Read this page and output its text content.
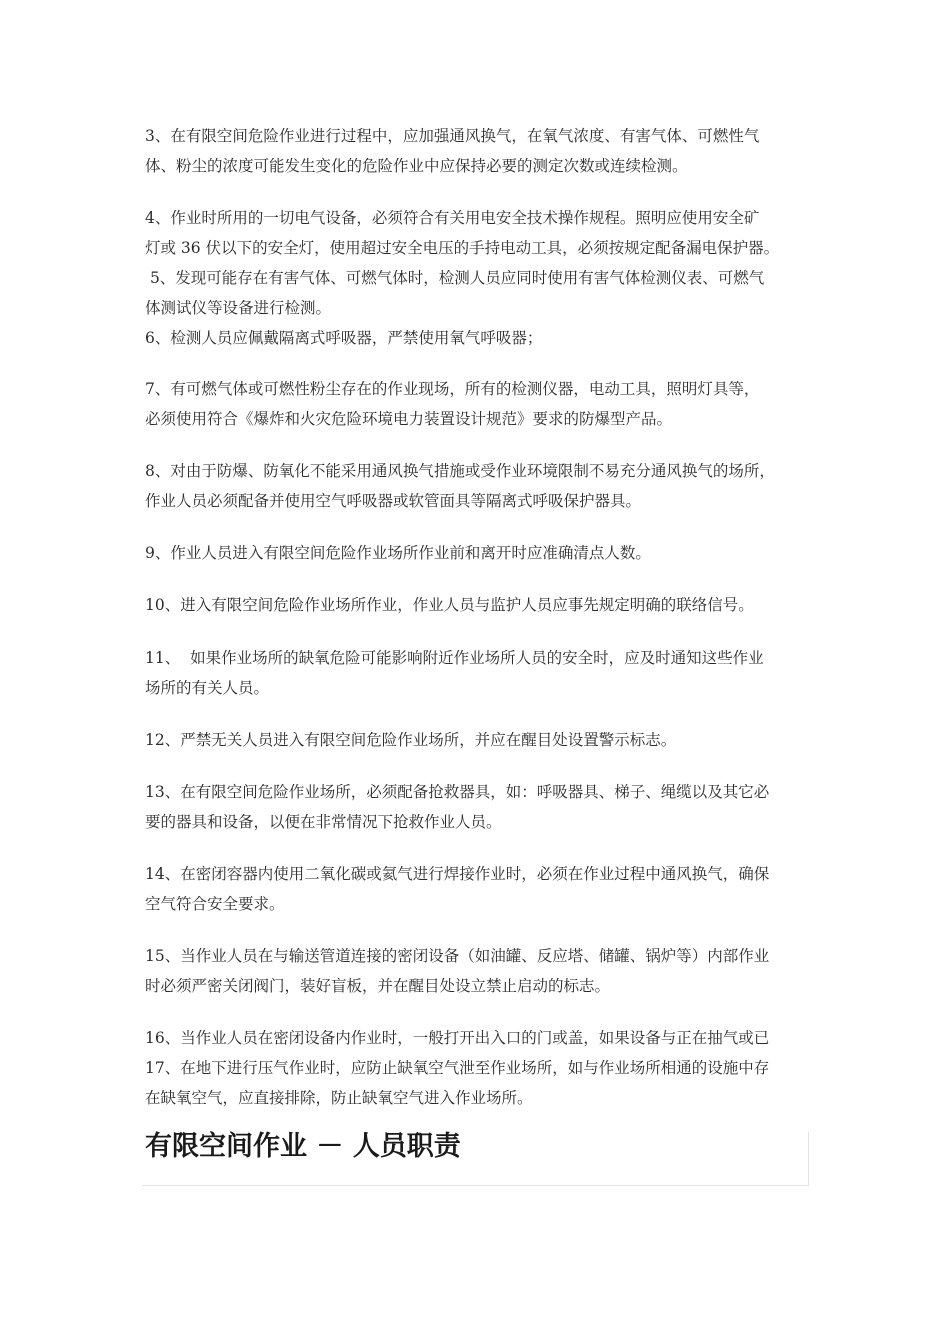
3、在有限空间危险作业进行过程中，应加强通风换气，在氧气浓度、有害气体、可燃性气
体、粉尘的浓度可能发生变化的危险作业中应保持必要的测定次数或连续检测。

4、作业时所用的一切电气设备，必须符合有关用电安全技术操作规程。照明应使用安全矿
灯或 36 伏以下的安全灯，使用超过安全电压的手持电动工具，必须按规定配备漏电保护器。

5、发现可能存在有害气体、可燃气体时，检测人员应同时使用有害气体检测仪表、可燃气
体测试仪等设备进行检测。

6、检测人员应佩戴隔离式呼吸器，严禁使用氧气呼吸器；

7、有可燃气体或可燃性粉尘存在的作业现场，所有的检测仪器，电动工具，照明灯具等，
必须使用符合《爆炸和火灾危险环境电力装置设计规范》要求的防爆型产品。

8、对由于防爆、防氧化不能采用通风换气措施或受作业环境限制不易充分通风换气的场所，
作业人员必须配备并使用空气呼吸器或软管面具等隔离式呼吸保护器具。

9、作业人员进入有限空间危险作业场所作业前和离开时应准确清点人数。

10、进入有限空间危险作业场所作业，作业人员与监护人员应事先规定明确的联络信号。

11、  如果作业场所的缺氧危险可能影响附近作业场所人员的安全时，应及时通知这些作业
场所的有关人员。

12、严禁无关人员进入有限空间危险作业场所，并应在醒目处设置警示标志。

13、在有限空间危险作业场所，必须配备抢救器具，如：呼吸器具、梯子、绳缆以及其它必
要的器具和设备，以便在非常情况下抢救作业人员。

14、在密闭容器内使用二氧化碳或氦气进行焊接作业时，必须在作业过程中通风换气，确保
空气符合安全要求。

15、当作业人员在与输送管道连接的密闭设备（如油罐、反应塔、储罐、锅炉等）内部作业
时必须严密关闭阀门，装好盲板，并在醒目处设立禁止启动的标志。

16、当作业人员在密闭设备内作业时，一般打开出入口的门或盖，如果设备与正在抽气或已
17、在地下进行压气作业时，应防止缺氧空气泄至作业场所，如与作业场所相通的设施中存
在缺氧空气，应直接排除，防止缺氧空气进入作业场所。

有限空间作业 － 人员职责
